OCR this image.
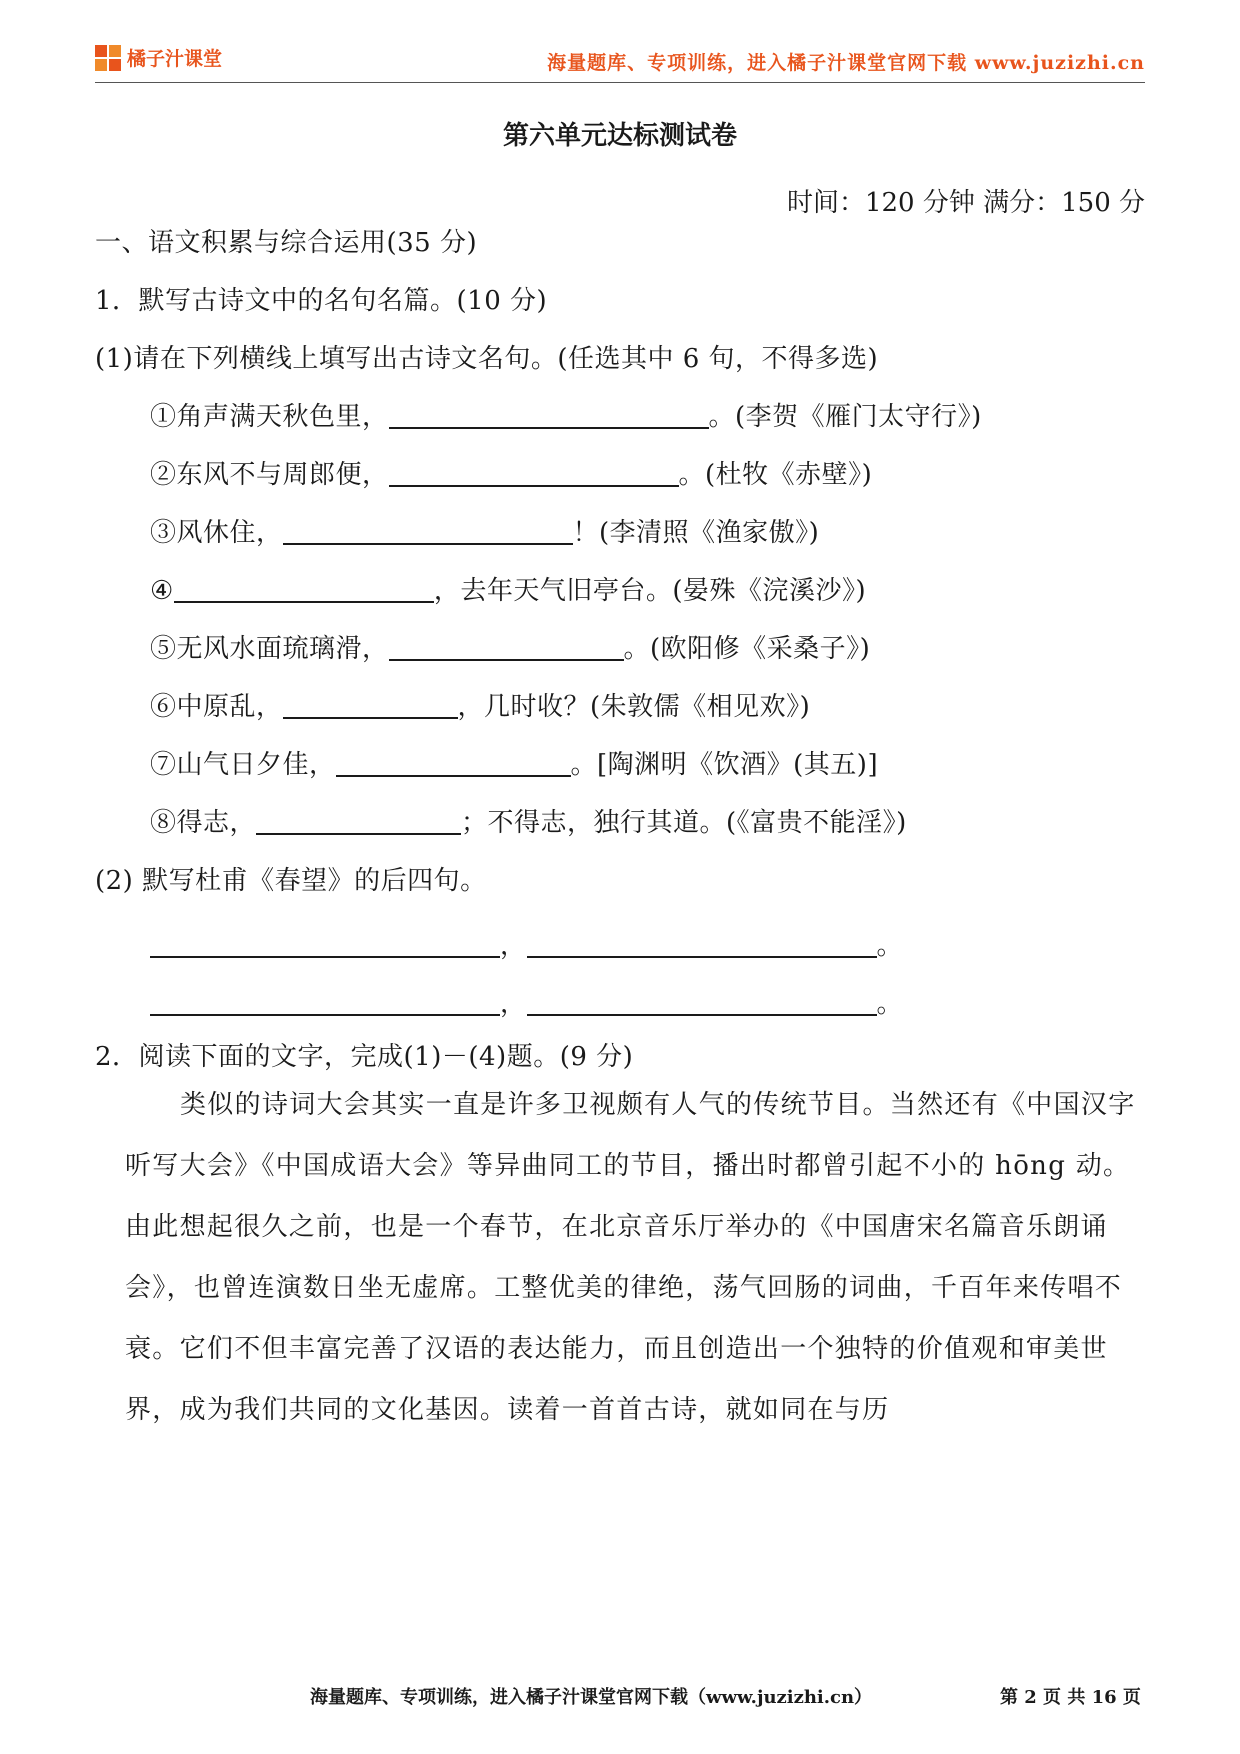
橘子汁课堂	海量题库、专项训练，进入橘子汁课堂官网下载 www.juzizhi.cn
第六单元达标测试卷
时间：120 分钟 满分：150 分
一、语文积累与综合运用(35 分)
1．默写古诗文中的名句名篇。(10 分)
(1)请在下列横线上填写出古诗文名句。(任选其中 6 句，不得多选)
①角声满天秋色里，	。(李贺《雁门太守行》)
②东风不与周郎便，	。(杜牧《赤壁》)
③风休住，	！(李清照《渔家傲》)
④	，去年天气旧亭台。(晏殊《浣溪沙》)
⑤无风水面琉璃滑，	。(欧阳修《采桑子》)
⑥中原乱，	，几时收？(朱敦儒《相见欢》)
⑦山气日夕佳，	。[陶渊明《饮酒》(其五)]
⑧得志，	；不得志，独行其道。(《富贵不能淫》)
(2) 默写杜甫《春望》的后四句。
，	。
，	。
2．阅读下面的文字，完成(1)－(4)题。(9 分)
类似的诗词大会其实一直是许多卫视颇有人气的传统节目。当然还有《中国汉字听写大会》《中国成语大会》等异曲同工的节目，播出时都曾引起不小的 hōng 动。由此想起很久之前，也是一个春节，在北京音乐厅举办的《中国唐宋名篇音乐朗诵会》，也曾连演数日坐无虚席。工整优美的律绝，荡气回肠的词曲，千百年来传唱不衰。它们不但丰富完善了汉语的表达能力，而且创造出一个独特的价值观和审美世界，成为我们共同的文化基因。读着一首首古诗，就如同在与历
海量题库、专项训练，进入橘子汁课堂官网下载（www.juzizhi.cn）	第 2 页 共 16 页
